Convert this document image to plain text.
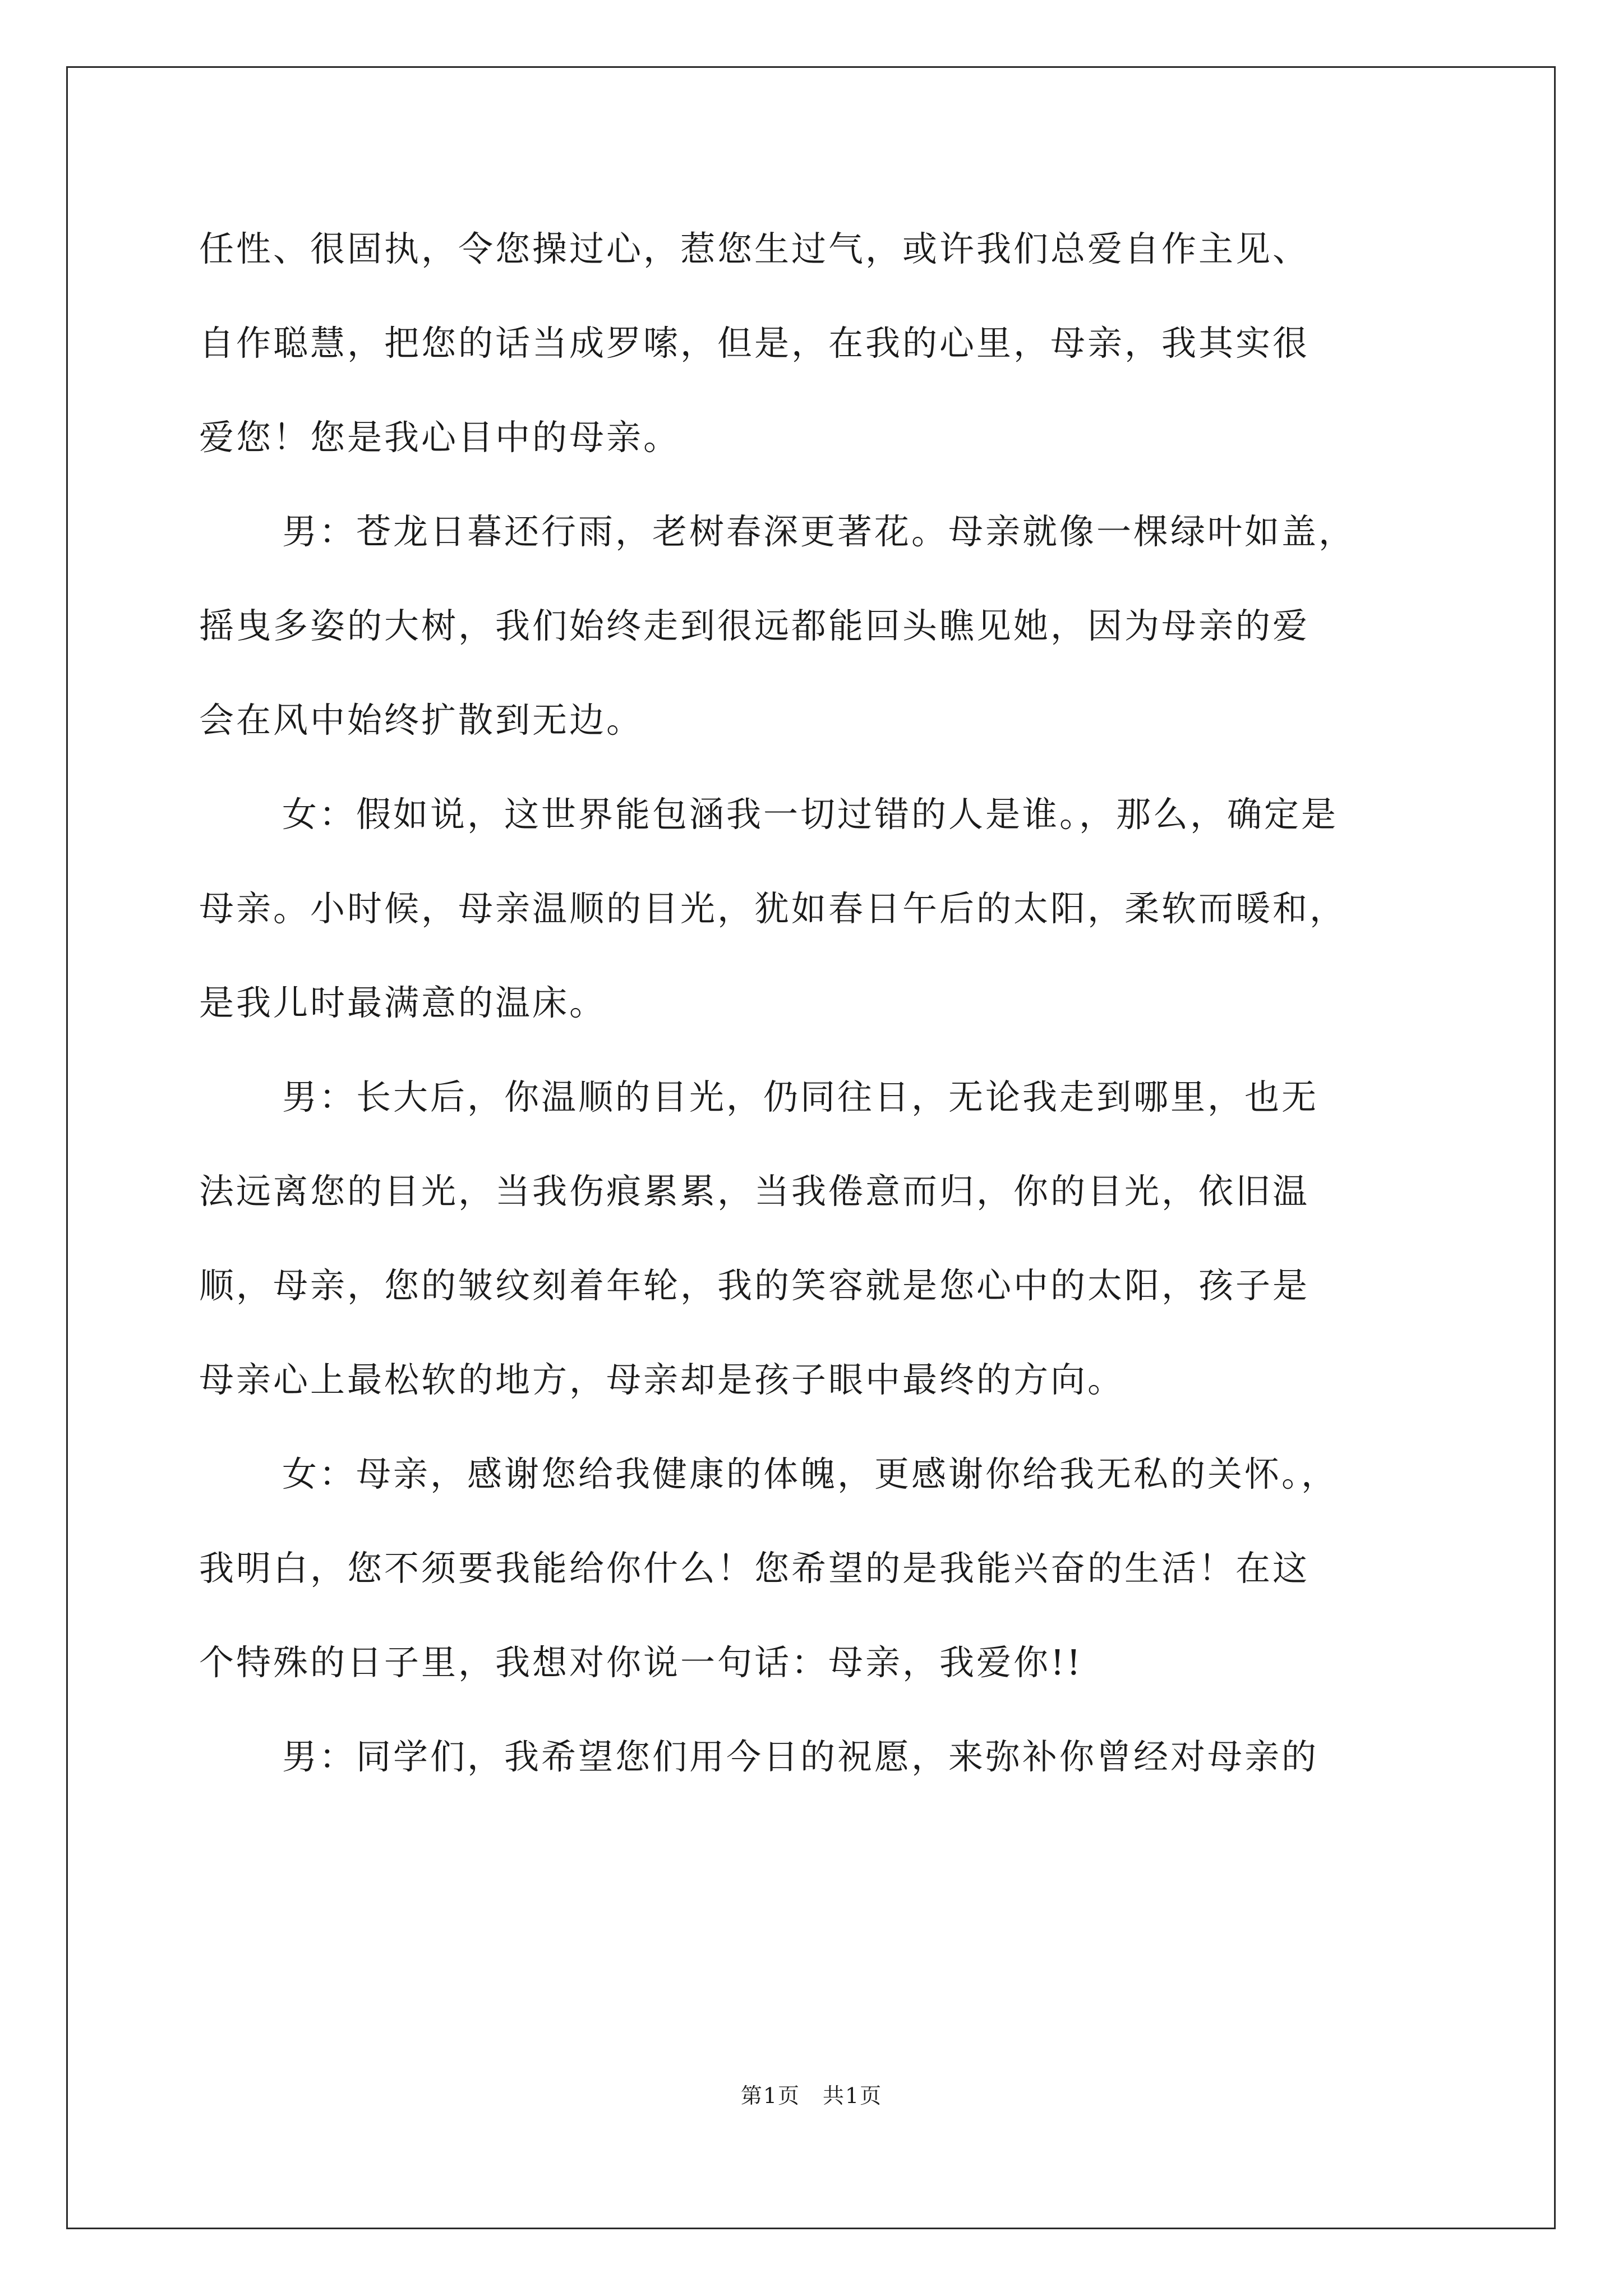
任性、很固执，令您操过心，惹您生过气，或许我们总爱自作主见、
自作聪慧，把您的话当成罗嗦，但是，在我的心里，母亲，我其实很
爱您！您是我心目中的母亲。
男：苍龙日暮还行雨，老树春深更著花。母亲就像一棵绿叶如盖，
摇曳多姿的大树，我们始终走到很远都能回头瞧见她，因为母亲的爱
会在风中始终扩散到无边。
女：假如说，这世界能包涵我一切过错的人是谁。，那么，确定是
母亲。小时候，母亲温顺的目光，犹如春日午后的太阳，柔软而暖和，
是我儿时最满意的温床。
男：长大后，你温顺的目光，仍同往日，无论我走到哪里，也无
法远离您的目光，当我伤痕累累，当我倦意而归，你的目光，依旧温
顺，母亲，您的皱纹刻着年轮，我的笑容就是您心中的太阳，孩子是
母亲心上最松软的地方，母亲却是孩子眼中最终的方向。
女：母亲，感谢您给我健康的体魄，更感谢你给我无私的关怀。，
我明白，您不须要我能给你什么！您希望的是我能兴奋的生活！在这
个特殊的日子里，我想对你说一句话：母亲，我爱你!!
男：同学们，我希望您们用今日的祝愿，来弥补你曾经对母亲的
第1页　共1页
